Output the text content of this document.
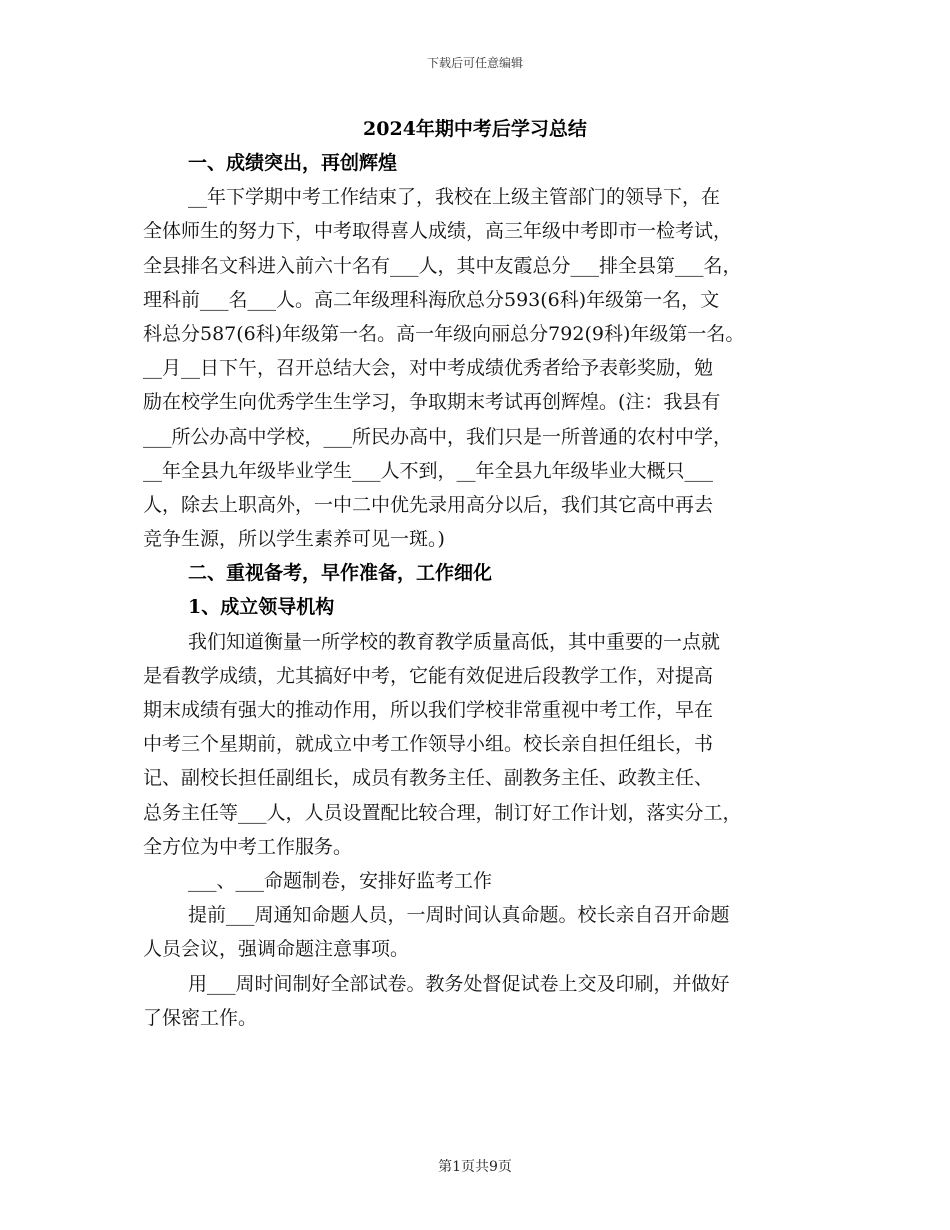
下载后可任意编辑
2024年期中考后学习总结
一、成绩突出，再创辉煌
__年下学期中考工作结束了，我校在上级主管部门的领导下，在
全体师生的努力下，中考取得喜人成绩，高三年级中考即市一检考试，
全县排名文科进入前六十名有___人，其中友霞总分___排全县第___名，
理科前___名___人。高二年级理科海欣总分593(6科)年级第一名，文
科总分587(6科)年级第一名。高一年级向丽总分792(9科)年级第一名。
__月__日下午，召开总结大会，对中考成绩优秀者给予表彰奖励，勉
励在校学生向优秀学生生学习，争取期末考试再创辉煌。(注：我县有
___所公办高中学校，___所民办高中，我们只是一所普通的农村中学，
__年全县九年级毕业学生___人不到，__年全县九年级毕业大概只___
人，除去上职高外，一中二中优先录用高分以后，我们其它高中再去
竞争生源，所以学生素养可见一斑。)
二、重视备考，早作准备，工作细化
1、成立领导机构
我们知道衡量一所学校的教育教学质量高低，其中重要的一点就
是看教学成绩，尤其搞好中考，它能有效促进后段教学工作，对提高
期末成绩有强大的推动作用，所以我们学校非常重视中考工作，早在
中考三个星期前，就成立中考工作领导小组。校长亲自担任组长，书
记、副校长担任副组长，成员有教务主任、副教务主任、政教主任、
总务主任等___人，人员设置配比较合理，制订好工作计划，落实分工，
全方位为中考工作服务。
___、___命题制卷，安排好监考工作
提前___周通知命题人员，一周时间认真命题。校长亲自召开命题
人员会议，强调命题注意事项。
用___周时间制好全部试卷。教务处督促试卷上交及印刷，并做好
了保密工作。
第1页共9页
